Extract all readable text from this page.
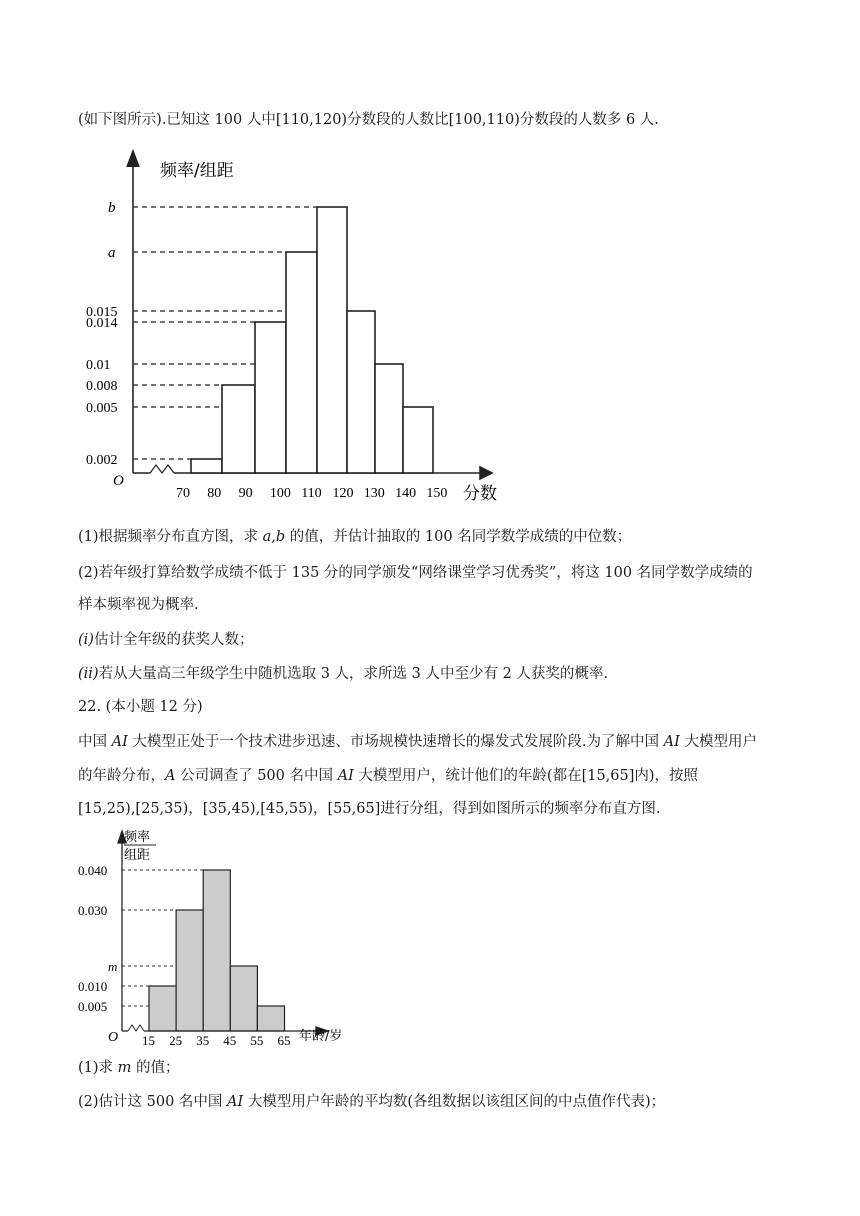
(如下图所示).已知这 100 人中[110,120)分数段的人数比[100,110)分数段的人数多 6 人.
b
a
0.015
0.014
0.01
0.008
0.005
0.002
70 80 90 100 110 120 130 140 150
频率/组距
分数
O
(1)根据频率分布直方图，求 a,b 的值，并估计抽取的 100 名同学数学成绩的中位数；
(2)若年级打算给数学成绩不低于 135 分的同学颁发“网络课堂学习优秀奖”，将这 100 名同学数学成绩的
样本频率视为概率.
(i)估计全年级的获奖人数；
(ii)若从大量高三年级学生中随机选取 3 人，求所选 3 人中至少有 2 人获奖的概率.
22. (本小题 12 分)
中国 AI 大模型正处于一个技术进步迅速、市场规模快速增长的爆发式发展阶段.为了解中国 AI 大模型用户
的年龄分布，A 公司调查了 500 名中国 AI 大模型用户，统计他们的年龄(都在[15,65]内)，按照
[15,25),[25,35)，[35,45),[45,55)，[55,65]进行分组，得到如图所示的频率分布直方图.
0.040
0.030
m
0.010
0.005
15 25 35 45 55 65
频率
组距
年龄/岁
O
(1)求 m 的值；
(2)估计这 500 名中国 AI 大模型用户年龄的平均数(各组数据以该组区间的中点值作代表)；
